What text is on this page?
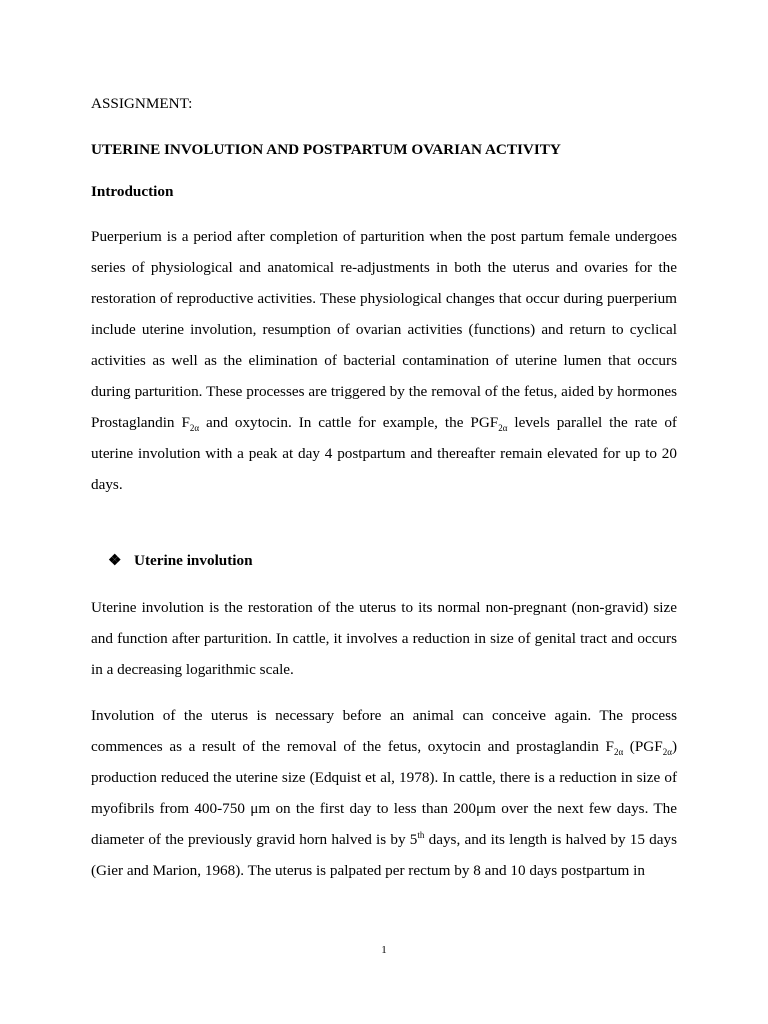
ASSIGNMENT:
UTERINE INVOLUTION AND POSTPARTUM OVARIAN ACTIVITY
Introduction
Puerperium is a period after completion of parturition when the post partum female undergoes series of physiological and anatomical re-adjustments in both the uterus and ovaries for the restoration of reproductive activities. These physiological changes that occur during puerperium include uterine involution, resumption of ovarian activities (functions) and return to cyclical activities as well as the elimination of bacterial contamination of uterine lumen that occurs during parturition. These processes are triggered by the removal of the fetus, aided by hormones Prostaglandin $F_{2\alpha}$ and oxytocin. In cattle for example, the $PGF_{2\alpha}$ levels parallel the rate of uterine involution with a peak at day 4 postpartum and thereafter remain elevated for up to 20 days.
❖ Uterine involution
Uterine involution is the restoration of the uterus to its normal non-pregnant (non-gravid) size and function after parturition. In cattle, it involves a reduction in size of genital tract and occurs in a decreasing logarithmic scale.
Involution of the uterus is necessary before an animal can conceive again. The process commences as a result of the removal of the fetus, oxytocin and prostaglandin $F_{2\alpha}$ $(PGF_{2\alpha})$ production reduced the uterine size (Edquist et al, 1978). In cattle, there is a reduction in size of myofibrils from 400-750 μm on the first day to less than 200μm over the next few days. The diameter of the previously gravid horn halved is by 5th days, and its length is halved by 15 days (Gier and Marion, 1968). The uterus is palpated per rectum by 8 and 10 days postpartum in
1
